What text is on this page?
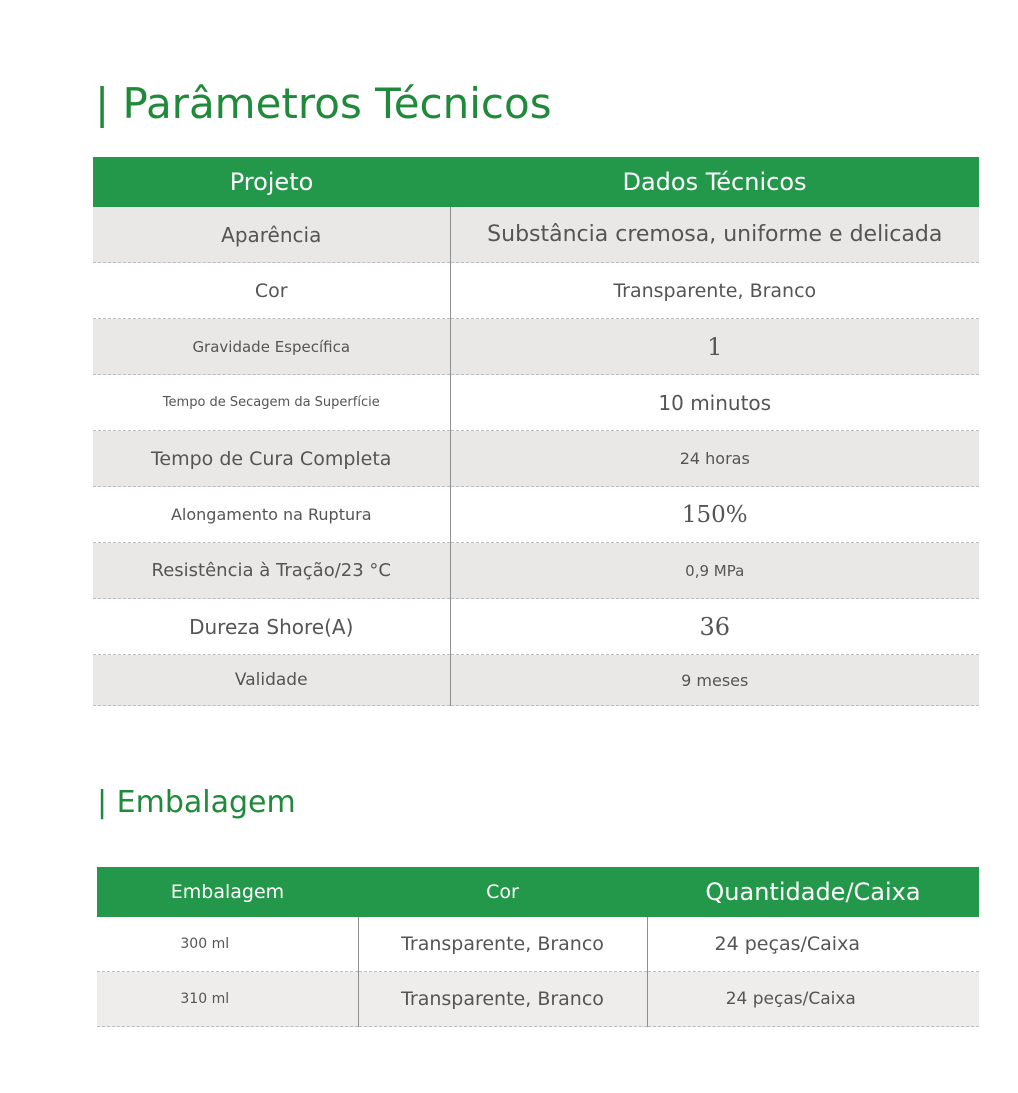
| Parâmetros Técnicos
Projeto	Dados Técnicos
Aparência	Substância cremosa, uniforme e delicada
Cor	Transparente, Branco
Gravidade Específica	1
Tempo de Secagem da Superfície	10 minutos
Tempo de Cura Completa	24 horas
Alongamento na Ruptura	150%
Resistência à Tração/23 °C	0,9 MPa
Dureza Shore(A)	36
Validade	9 meses
| Embalagem
Embalagem	Cor	Quantidade/Caixa
300 ml	Transparente, Branco	24 peças/Caixa
310 ml	Transparente, Branco	24 peças/Caixa
